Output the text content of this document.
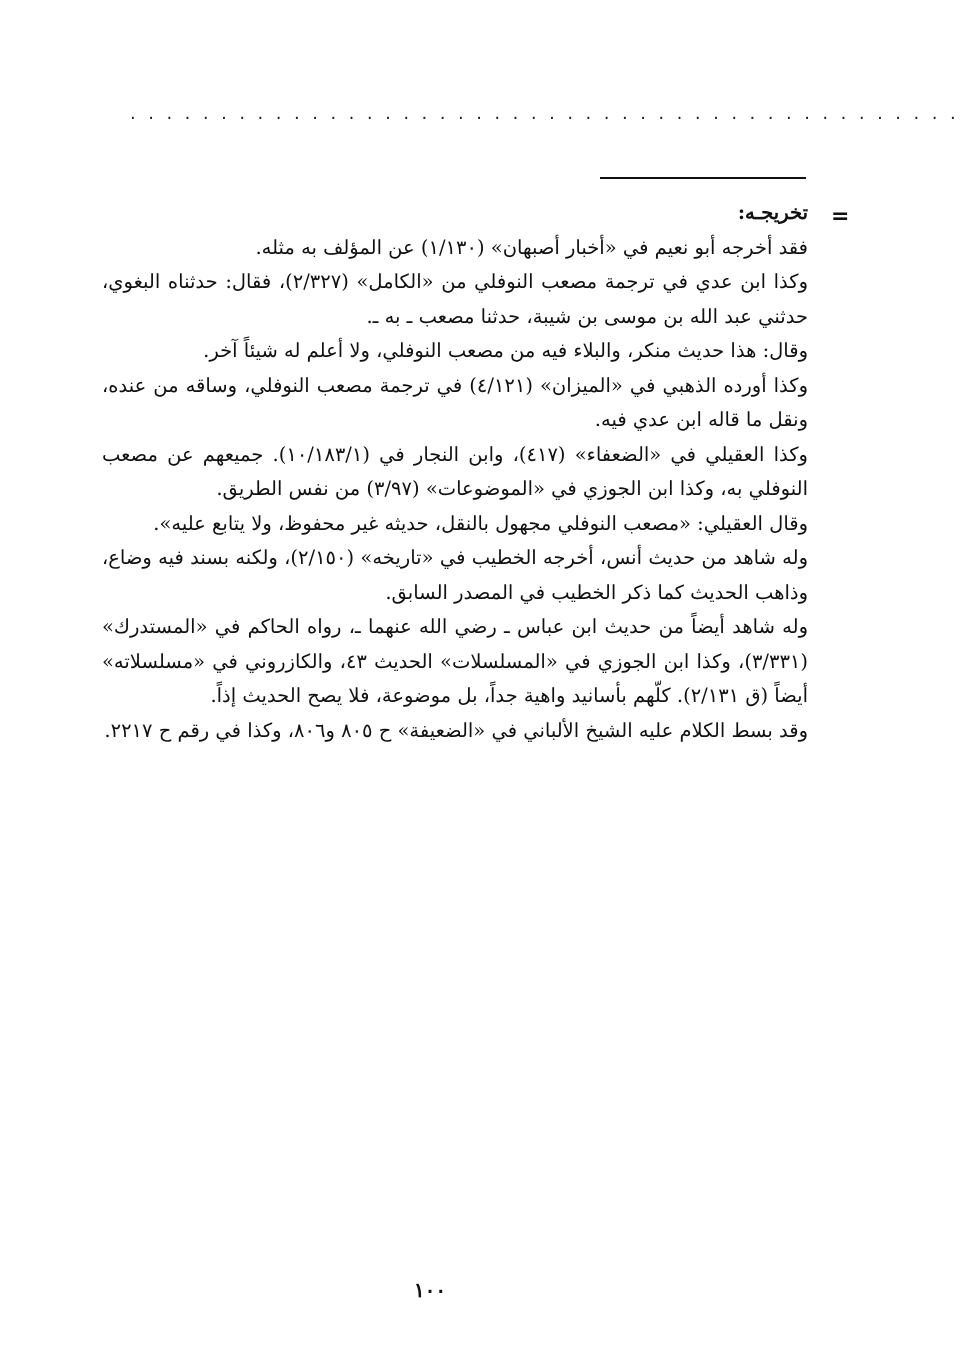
..............................................
=

تخريجـه:

فقد أخرجه أبو نعيم في «أخبار أصبهان» (١/١٣٠) عن المؤلف به مثله.

وكذا ابن عدي في ترجمة مصعب النوفلي من «الكامل» (٢/٣٢٧)، فقال: حدثناه البغوي، حدثني عبد الله بن موسى بن شيبة، حدثنا مصعب ـ به ـ.

وقال: هذا حديث منكر، والبلاء فيه من مصعب النوفلي، ولا أعلم له شيئاً آخر.

وكذا أورده الذهبي في «الميزان» (٤/١٢١) في ترجمة مصعب النوفلي، وساقه من عنده، ونقل ما قاله ابن عدي فيه.

وكذا العقيلي في «الضعفاء» (٤١٧)، وابن النجار في (١٠/١٨٣/١). جميعهم عن مصعب النوفلي به، وكذا ابن الجوزي في «الموضوعات» (٣/٩٧) من نفس الطريق.

وقال العقيلي: «مصعب النوفلي مجهول بالنقل، حديثه غير محفوظ، ولا يتابع عليه».

وله شاهد من حديث أنس، أخرجه الخطيب في «تاريخه» (٢/١٥٠)، ولكنه بسند فيه وضاع، وذاهب الحديث كما ذكر الخطيب في المصدر السابق.

وله شاهد أيضاً من حديث ابن عباس ـ رضي الله عنهما ـ، رواه الحاكم في «المستدرك» (٣/٣٣١)، وكذا ابن الجوزي في «المسلسلات» الحديث ٤٣، والكازروني في «مسلسلاته» أيضاً (ق ٢/١٣١). كلّهم بأسانيد واهية جداً، بل موضوعة، فلا يصح الحديث إذاً.

وقد بسط الكلام عليه الشيخ الألباني في «الضعيفة» ح ٨٠٥ و٨٠٦، وكذا في رقم ح ٢٢١٧.

١٠٠
